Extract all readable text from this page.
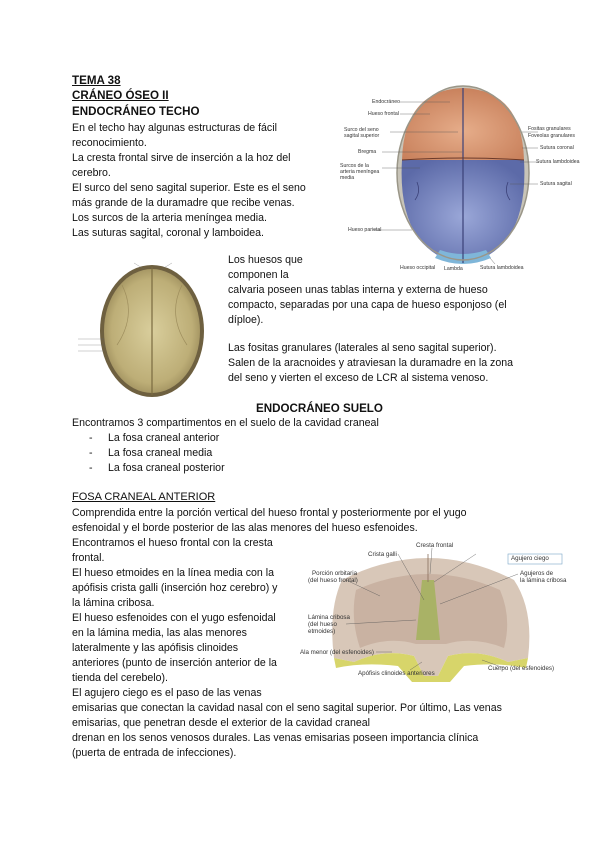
TEMA 38
CRÁNEO ÓSEO II
ENDOCRÁNEO TECHO
En el techo hay algunas estructuras de fácil
reconocimiento.
La cresta frontal sirve de inserción a la hoz del
cerebro.
El surco del seno sagital superior. Este es el seno
más grande de la duramadre que recibe venas.
Los surcos de la arteria meníngea media.
Las suturas sagital, coronal y lamboidea.
Endocráneo
Hueso frontal
Surco del seno sagital superior
Bregma
Surcos de la arteria meníngea media
Hueso parietal
Hueso occipital
Fositas granulares
Foveolas granulares
Sutura coronal
Sutura sagital
Sutura lambdoidea
Lambda	Sutura lambdoidea
Los huesos que
componen la
calvaria poseen unas tablas interna y externa de hueso
compacto, separadas por una capa de hueso esponjoso (el
díploe).
Las fositas granulares (laterales al seno sagital superior).
Salen de la aracnoides y atraviesan la duramadre en la zona
del seno y vierten el exceso de LCR al sistema venoso.
ENDOCRÁNEO SUELO
Encontramos 3 compartimentos en el suelo de la cavidad craneal
- La fosa craneal anterior
- La fosa craneal media
- La fosa craneal posterior
FOSA CRANEAL ANTERIOR
Comprendida entre la porción vertical del hueso frontal y posteriormente por el yugo
esfenoidal y el borde posterior de las alas menores del hueso esfenoides.
Encontramos el hueso frontal con la cresta
frontal.
El hueso etmoides en la línea media con la
apófisis crista galli (inserción hoz cerebro) y
la lámina cribosa.
El hueso esfenoides con el yugo esfenoidal
en la lámina media, las alas menores
lateralmente y las apófisis clinoides
anteriores (punto de inserción anterior de la
tienda del cerebelo).
El agujero ciego es el paso de las venas
emisarias que conectan la cavidad nasal con el seno sagital superior. Por último, Las venas
emisarias, que penetran desde el exterior de la cavidad craneal
drenan en los senos venosos durales. Las venas emisarias poseen importancia clínica
(puerta de entrada de infecciones).
Crista galli
Cresta frontal
Agujero ciego
Porción orbitaria
(del hueso frontal)
Agujeros de
la lámina cribosa
Lámina cribosa
(del hueso
etmoides)
Ala menor (del esfenoides)
Apófisis clinoides anteriores
Cuerpo (del esfenoides)
